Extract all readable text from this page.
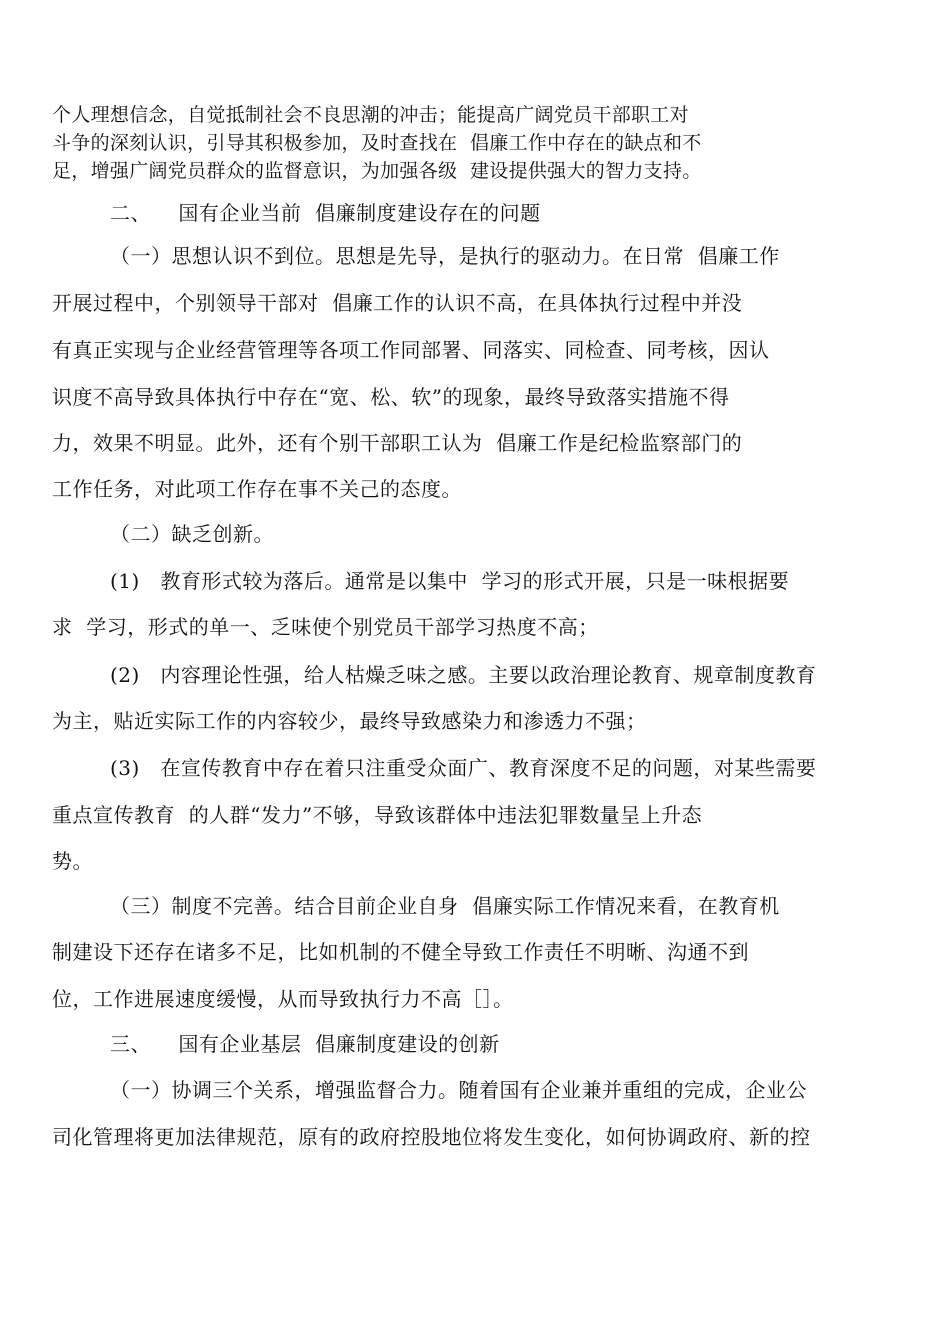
个人理想信念，自觉抵制社会不良思潮的冲击；能提高广阔党员干部职工对
斗争的深刻认识，引导其积极参加，及时查找在  倡廉工作中存在的缺点和不
足，增强广阔党员群众的监督意识，为加强各级  建设提供强大的智力支持。
二、    国有企业当前  倡廉制度建设存在的问题
（一）思想认识不到位。思想是先导，是执行的驱动力。在日常  倡廉工作
开展过程中，个别领导干部对  倡廉工作的认识不高，在具体执行过程中并没
有真正实现与企业经营管理等各项工作同部署、同落实、同检查、同考核，因认
识度不高导致具体执行中存在“宽、松、软”的现象，最终导致落实措施不得
力，效果不明显。此外，还有个别干部职工认为  倡廉工作是纪检监察部门的
工作任务，对此项工作存在事不关己的态度。
（二）缺乏创新。
(1)   教育形式较为落后。通常是以集中  学习的形式开展，只是一味根据要
求  学习，形式的单一、乏味使个别党员干部学习热度不高；
(2)   内容理论性强，给人枯燥乏味之感。主要以政治理论教育、规章制度教育
为主，贴近实际工作的内容较少，最终导致感染力和渗透力不强；
(3)   在宣传教育中存在着只注重受众面广、教育深度不足的问题，对某些需要
重点宣传教育  的人群“发力”不够，导致该群体中违法犯罪数量呈上升态
势。
（三）制度不完善。结合目前企业自身  倡廉实际工作情况来看，在教育机
制建设下还存在诸多不足，比如机制的不健全导致工作责任不明晰、沟通不到
位，工作进展速度缓慢，从而导致执行力不高［］。
三、    国有企业基层  倡廉制度建设的创新
（一）协调三个关系，增强监督合力。随着国有企业兼并重组的完成，企业公
司化管理将更加法律规范，原有的政府控股地位将发生变化，如何协调政府、新的控
